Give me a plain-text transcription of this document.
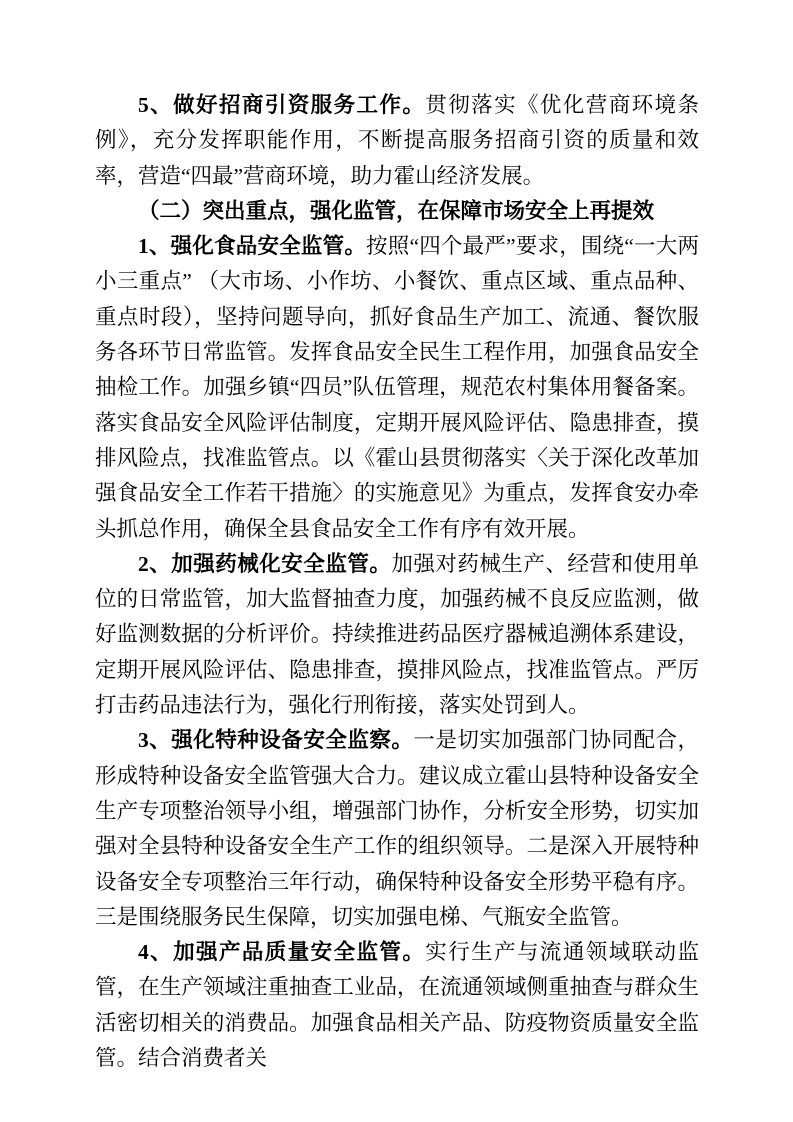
5、做好招商引资服务工作。贯彻落实《优化营商环境条例》，充分发挥职能作用，不断提高服务招商引资的质量和效率，营造“四最”营商环境，助力霍山经济发展。

（二）突出重点，强化监管，在保障市场安全上再提效

1、强化食品安全监管。按照“四个最严”要求，围绕“一大两小三重点” （大市场、小作坊、小餐饮、重点区域、重点品种、重点时段），坚持问题导向，抓好食品生产加工、流通、餐饮服务各环节日常监管。发挥食品安全民生工程作用，加强食品安全抽检工作。加强乡镇“四员”队伍管理，规范农村集体用餐备案。落实食品安全风险评估制度，定期开展风险评估、隐患排查，摸排风险点，找准监管点。以《霍山县贯彻落实〈关于深化改革加强食品安全工作若干措施〉的实施意见》为重点，发挥食安办牵头抓总作用，确保全县食品安全工作有序有效开展。

2、加强药械化安全监管。加强对药械生产、经营和使用单位的日常监管，加大监督抽查力度，加强药械不良反应监测，做好监测数据的分析评价。持续推进药品医疗器械追溯体系建设，定期开展风险评估、隐患排查，摸排风险点，找准监管点。严厉打击药品违法行为，强化行刑衔接，落实处罚到人。

3、强化特种设备安全监察。一是切实加强部门协同配合，形成特种设备安全监管强大合力。建议成立霍山县特种设备安全生产专项整治领导小组，增强部门协作，分析安全形势，切实加强对全县特种设备安全生产工作的组织领导。二是深入开展特种设备安全专项整治三年行动，确保特种设备安全形势平稳有序。三是围绕服务民生保障，切实加强电梯、气瓶安全监管。

4、加强产品质量安全监管。实行生产与流通领域联动监管，在生产领域注重抽查工业品，在流通领域侧重抽查与群众生活密切相关的消费品。加强食品相关产品、防疫物资质量安全监管。结合消费者关
